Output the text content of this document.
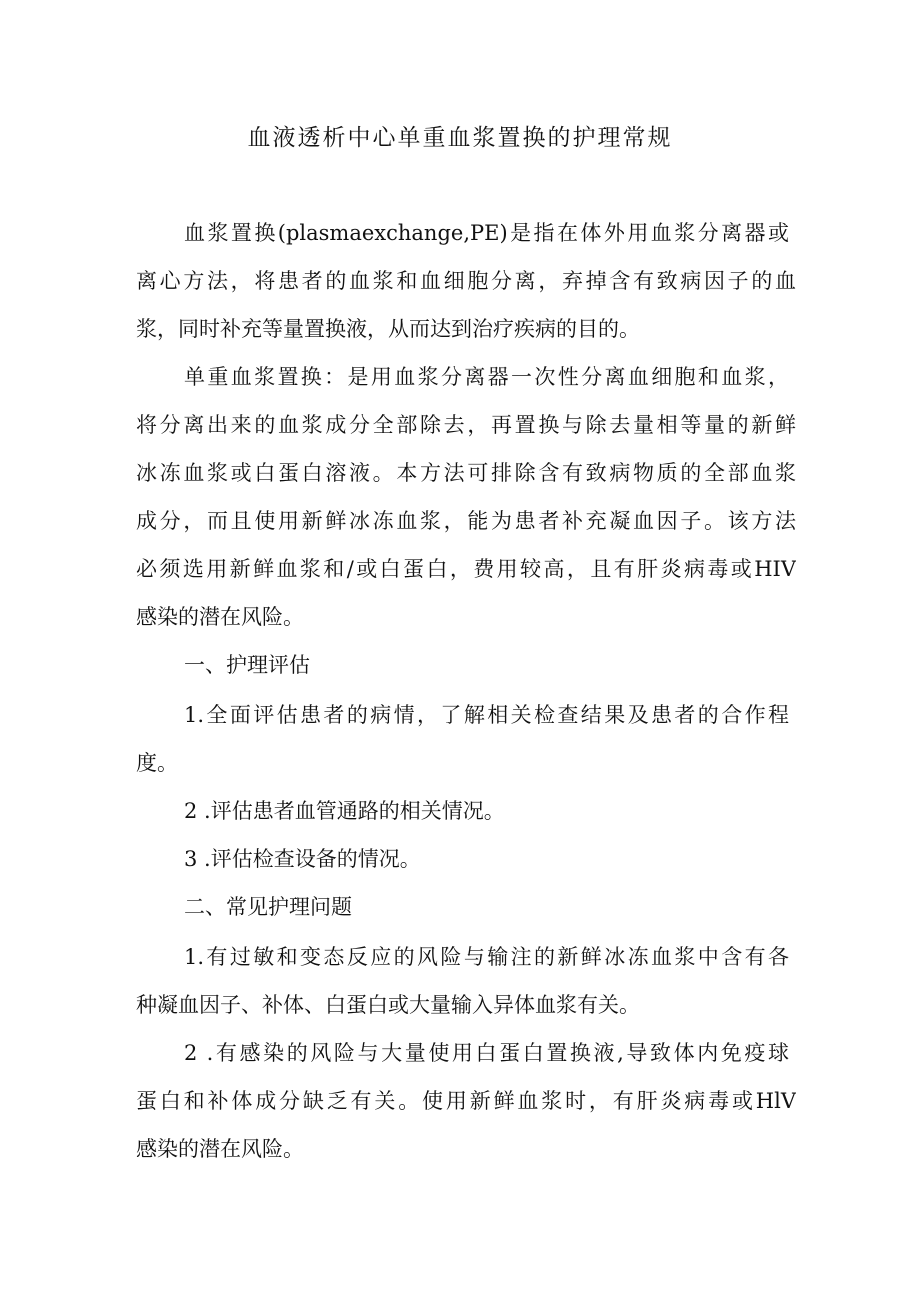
血液透析中心单重血浆置换的护理常规
血浆置换(plasmaexchange,PE)是指在体外用血浆分离器或
离心方法，将患者的血浆和血细胞分离，弃掉含有致病因子的血
浆，同时补充等量置换液，从而达到治疗疾病的目的。
单重血浆置换：是用血浆分离器一次性分离血细胞和血浆，
将分离出来的血浆成分全部除去，再置换与除去量相等量的新鲜
冰冻血浆或白蛋白溶液。本方法可排除含有致病物质的全部血浆
成分，而且使用新鲜冰冻血浆，能为患者补充凝血因子。该方法
必须选用新鲜血浆和/或白蛋白，费用较高，且有肝炎病毒或HIV
感染的潜在风险。
一、护理评估
1.全面评估患者的病情，了解相关检查结果及患者的合作程
度。
2 .评估患者血管通路的相关情况。
3 .评估检查设备的情况。
二、常见护理问题
1.有过敏和变态反应的风险与输注的新鲜冰冻血浆中含有各
种凝血因子、补体、白蛋白或大量输入异体血浆有关。
2 .有感染的风险与大量使用白蛋白置换液,导致体内免疫球
蛋白和补体成分缺乏有关。使用新鲜血浆时，有肝炎病毒或HlV
感染的潜在风险。
